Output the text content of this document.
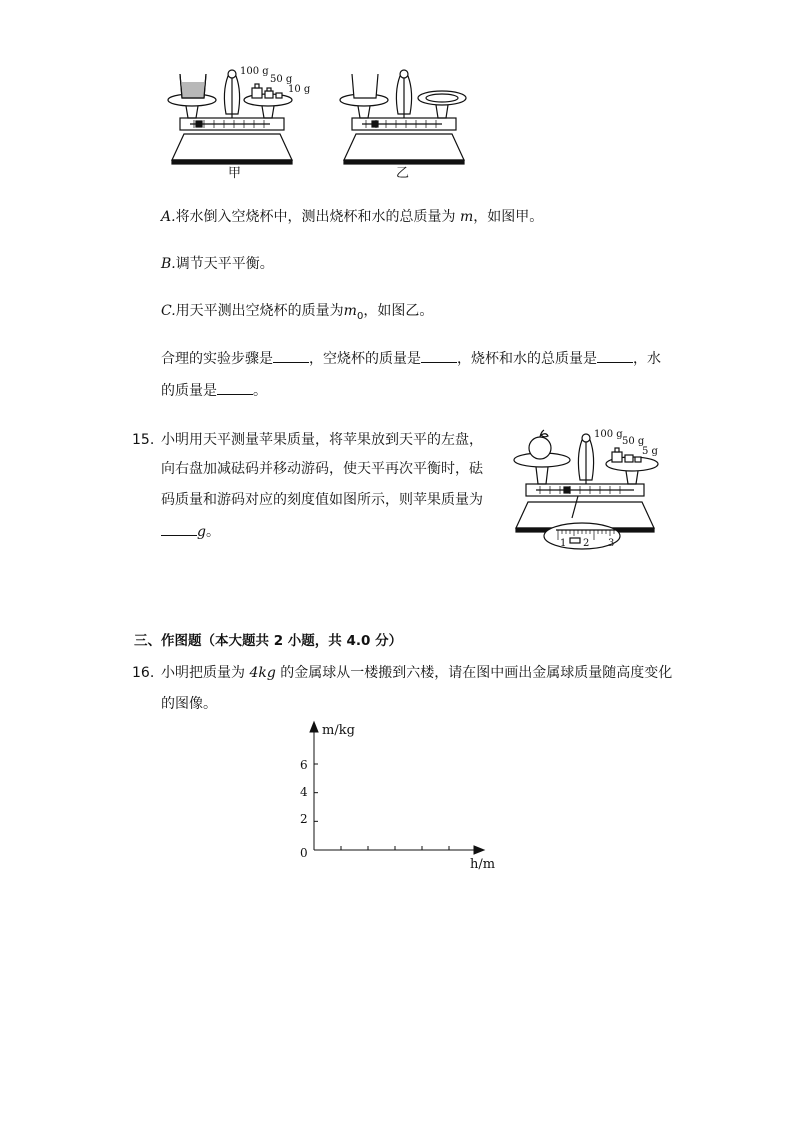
100 g
50 g
10 g
甲	乙
A.将水倒入空烧杯中，测出烧杯和水的总质量为 m，如图甲。
B.调节天平平衡。
C.用天平测出空烧杯的质量为$m_0$，如图乙。
合理的实验步骤是	，空烧杯的质量是	，烧杯和水的总质量是	，水
的质量是	。
15. 小明用天平测量苹果质量，将苹果放到天平的左盘，
向右盘加减砝码并移动游码，使天平再次平衡时，砝
码质量和游码对应的刻度值如图所示，则苹果质量为
g。
100 g
50 g
5 g
1 2 3
三、作图题（本大题共 2 小题，共 4.0 分）
16. 小明把质量为 4kg 的金属球从一楼搬到六楼，请在图中画出金属球质量随高度变化
的图像。
m/kg
h/m
6
4
2
0
